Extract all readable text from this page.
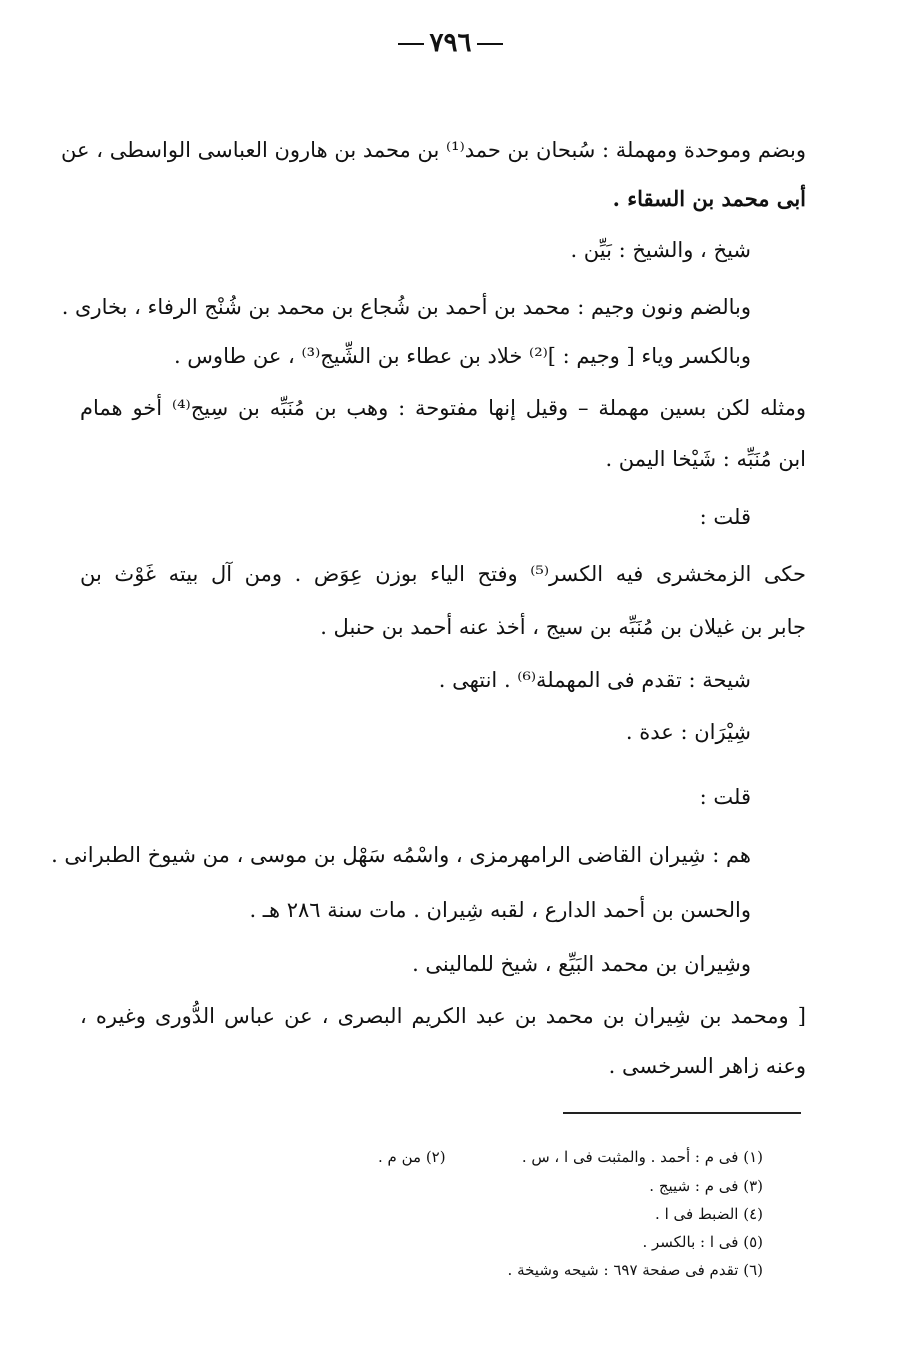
٧٩٦
وبضم وموحدة ومهملة : سُبحان بن حمد⁽¹⁾ بن محمد بن هارون العباسى الواسطى ، عن
أبى محمد بن السقاء .
شيخ ، والشيخ : بَيِّن .
وبالضم ونون وجيم : محمد بن أحمد بن شُجاع بن محمد بن شُنْج الرفاء ، بخارى .
وبالكسر وياء [ وجيم : ]⁽²⁾ خلاد بن عطاء بن الشِّيج⁽³⁾ ، عن طاوس .
ومثله لكن بسين مهملة – وقيل إنها مفتوحة : وهب بن مُنَبِّه بن سِيج⁽⁴⁾ أخو همام
ابن مُنَبِّه : شَيْخا اليمن .
قلت :
حكى الزمخشرى فيه الكسر⁽⁵⁾ وفتح الياء بوزن عِوَض . ومن آل بيته غَوْث بن
جابر بن غيلان بن مُنَبِّه بن سيج ، أخذ عنه أحمد بن حنبل .
شيحة : تقدم فى المهملة⁽⁶⁾ . انتهى .
شِيْرَان : عدة .
قلت :
هم : شِيران القاضى الرامهرمزى ، واسْمُه سَهْل بن موسى ، من شيوخ الطبرانى .
والحسن بن أحمد الدارع ، لقبه شِيران . مات سنة ٢٨٦ هـ .
وشِيران بن محمد البَيِّع ، شيخ للمالينى .
[ ومحمد بن شِيران بن محمد بن عبد الكريم البصرى ، عن عباس الدُّورى وغيره ،
وعنه زاهر السرخسى .
(١) فى م : أحمد . والمثبت فى ا ، س .
(٢) من م .
(٣) فى م : شييج .
(٤) الضبط فى ا .
(٥) فى ا : بالكسر .
(٦) تقدم فى صفحة ٦٩٧ : شيحه وشيخة .
